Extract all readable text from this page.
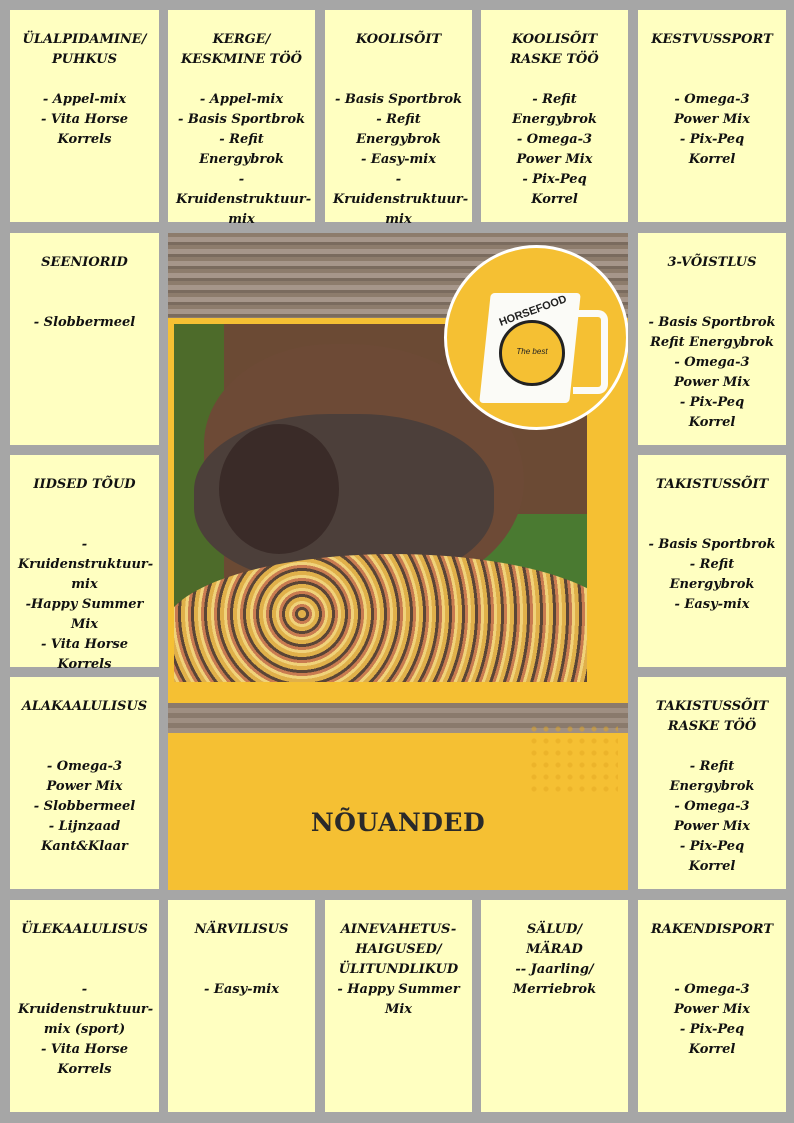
ÜLALPIDAMINE/
PUHKUS
- Appel-mix
- Vita Horse
Korrels
KERGE/
KESKMINE TÖÖ
- Appel-mix
- Basis Sportbrok
- Refit Energybrok
- Kruidenstruktuur-
mix
KOOLISÕIT
- Basis Sportbrok
- Refit Energybrok
- Easy-mix
- Kruidenstruktuur-
mix
KOOLISÕIT
RASKE TÖÖ
- Refit Energybrok
- Omega-3
Power Mix
- Pix-Peq
Korrel
KESTVUSSPORT
- Omega-3
Power Mix
- Pix-Peq
Korrel
SEENIORID
- Slobbermeel
IIDSED TÕUD
- Kruidenstruktuur-
mix
-Happy Summer
Mix
- Vita Horse
Korrels
ALAKAALULISUS
- Omega-3
Power Mix
- Slobbermeel
- Lijnzaad
Kant&Klaar
3-VÕISTLUS
- Basis Sportbrok
Refit Energybrok
- Omega-3
Power Mix
- Pix-Peq
Korrel
TAKISTUSSÕIT
- Basis Sportbrok
- Refit Energybrok
- Easy-mix
TAKISTUSSÕIT
RASKE TÖÖ
- Refit Energybrok
- Omega-3
Power Mix
- Pix-Peq
Korrel
ÜLEKAALULISUS
- Kruidenstruktuur-
mix (sport)
- Vita Horse
Korrels
NÄRVILISUS
- Easy-mix
AINEVAHETUS-
HAIGUSED/
ÜLITUNDLIKUD
- Happy Summer
Mix
SÄLUD/
MÄRAD
-- Jaarling/
Merriebrok
RAKENDISPORT
- Omega-3
Power Mix
- Pix-Peq
Korrel
HORSEFOOD
The best
NÕUANDED
